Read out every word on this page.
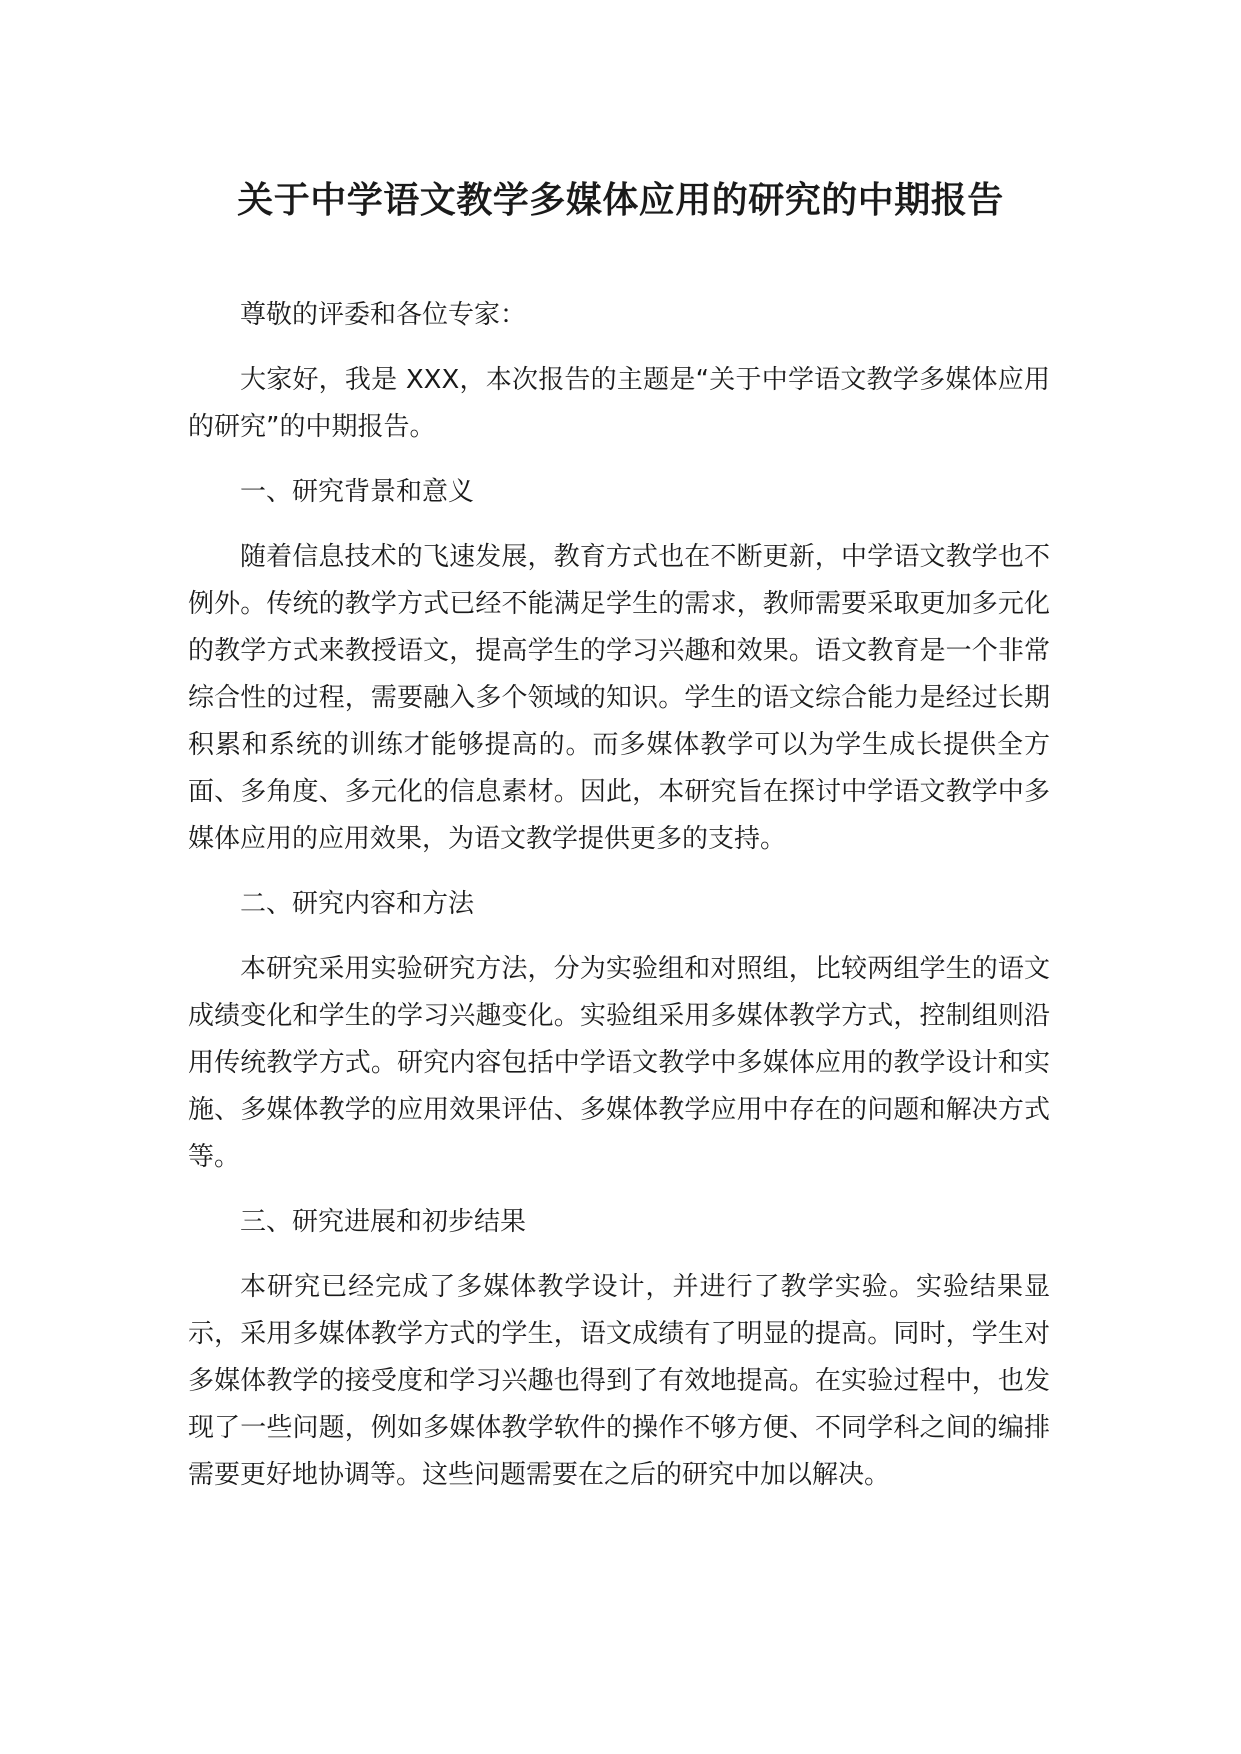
关于中学语文教学多媒体应用的研究的中期报告

尊敬的评委和各位专家：

大家好，我是 XXX，本次报告的主题是“关于中学语文教学多媒体应用的研究”的中期报告。

一、研究背景和意义

随着信息技术的飞速发展，教育方式也在不断更新，中学语文教学也不例外。传统的教学方式已经不能满足学生的需求，教师需要采取更加多元化的教学方式来教授语文，提高学生的学习兴趣和效果。语文教育是一个非常综合性的过程，需要融入多个领域的知识。学生的语文综合能力是经过长期积累和系统的训练才能够提高的。而多媒体教学可以为学生成长提供全方面、多角度、多元化的信息素材。因此，本研究旨在探讨中学语文教学中多媒体应用的应用效果，为语文教学提供更多的支持。

二、研究内容和方法

本研究采用实验研究方法，分为实验组和对照组，比较两组学生的语文成绩变化和学生的学习兴趣变化。实验组采用多媒体教学方式，控制组则沿用传统教学方式。研究内容包括中学语文教学中多媒体应用的教学设计和实施、多媒体教学的应用效果评估、多媒体教学应用中存在的问题和解决方式等。

三、研究进展和初步结果

本研究已经完成了多媒体教学设计，并进行了教学实验。实验结果显示，采用多媒体教学方式的学生，语文成绩有了明显的提高。同时，学生对多媒体教学的接受度和学习兴趣也得到了有效地提高。在实验过程中，也发现了一些问题，例如多媒体教学软件的操作不够方便、不同学科之间的编排需要更好地协调等。这些问题需要在之后的研究中加以解决。
